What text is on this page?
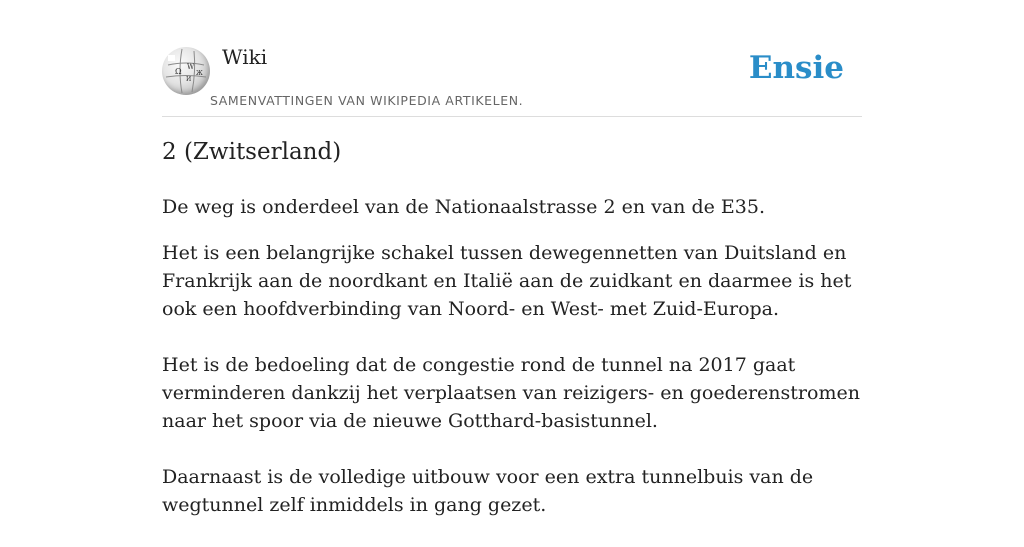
Ω W
И
Ж
Wiki
SAMENVATTINGEN VAN WIKIPEDIA ARTIKELEN.
Ensie
2 (Zwitserland)

De weg is onderdeel van de Nationaalstrasse 2 en van de E35.

Het is een belangrijke schakel tussen dewegennetten van Duitsland en Frankrijk aan de noordkant en Italië aan de zuidkant en daarmee is het ook een hoofdverbinding van Noord- en West- met Zuid-Europa.

Het is de bedoeling dat de congestie rond de tunnel na 2017 gaat verminderen dankzij het verplaatsen van reizigers- en goederenstromen naar het spoor via de nieuwe Gotthard-basistunnel.

Daarnaast is de volledige uitbouw voor een extra tunnelbuis van de wegtunnel zelf inmiddels in gang gezet.
